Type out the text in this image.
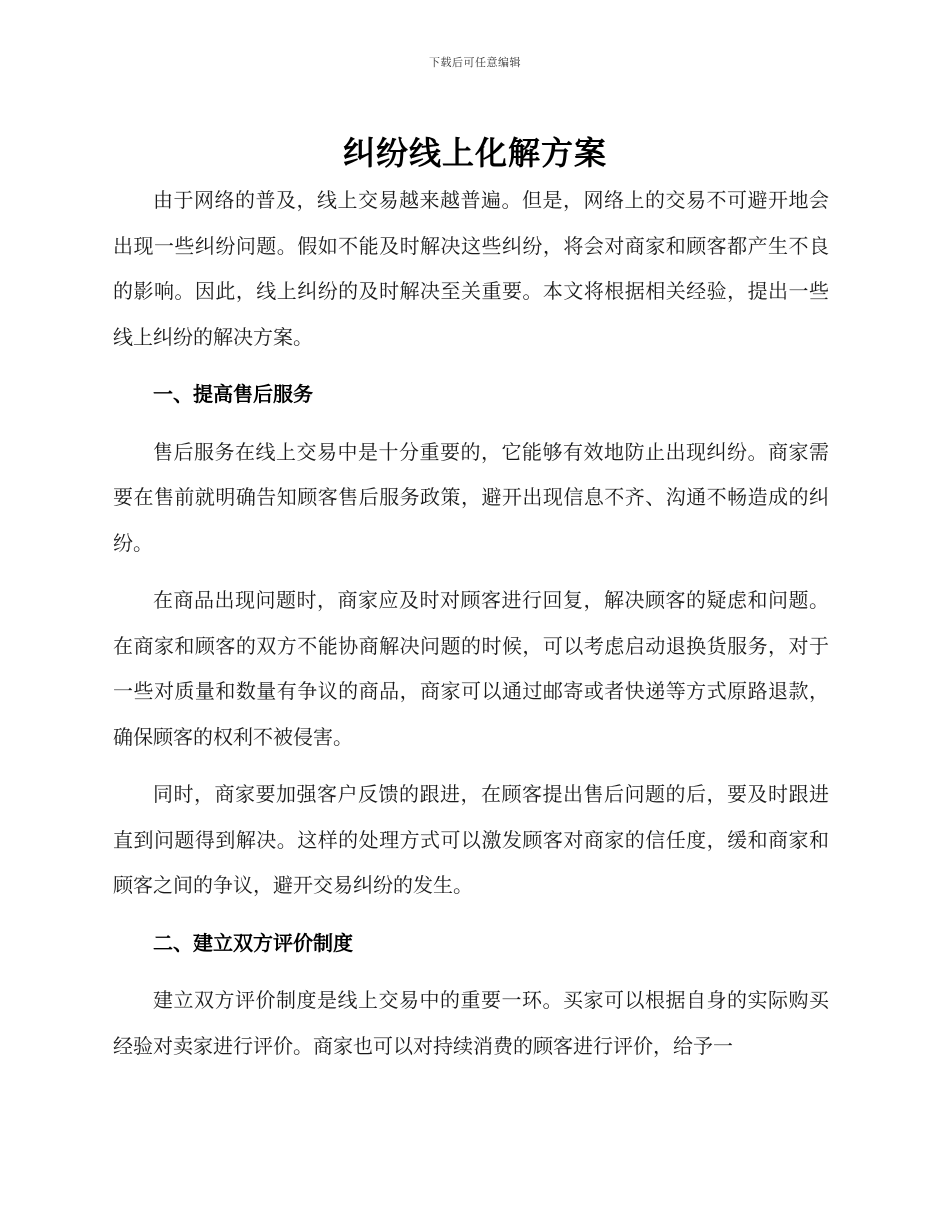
下载后可任意编辑
纠纷线上化解方案

由于网络的普及，线上交易越来越普遍。但是，网络上的交易不可避开地会出现一些纠纷问题。假如不能及时解决这些纠纷，将会对商家和顾客都产生不良的影响。因此，线上纠纷的及时解决至关重要。本文将根据相关经验，提出一些线上纠纷的解决方案。

一、提高售后服务

售后服务在线上交易中是十分重要的，它能够有效地防止出现纠纷。商家需要在售前就明确告知顾客售后服务政策，避开出现信息不齐、沟通不畅造成的纠纷。

在商品出现问题时，商家应及时对顾客进行回复，解决顾客的疑虑和问题。在商家和顾客的双方不能协商解决问题的时候，可以考虑启动退换货服务，对于一些对质量和数量有争议的商品，商家可以通过邮寄或者快递等方式原路退款，确保顾客的权利不被侵害。

同时，商家要加强客户反馈的跟进，在顾客提出售后问题的后，要及时跟进直到问题得到解决。这样的处理方式可以激发顾客对商家的信任度，缓和商家和顾客之间的争议，避开交易纠纷的发生。

二、建立双方评价制度

建立双方评价制度是线上交易中的重要一环。买家可以根据自身的实际购买经验对卖家进行评价。商家也可以对持续消费的顾客进行评价，给予一
